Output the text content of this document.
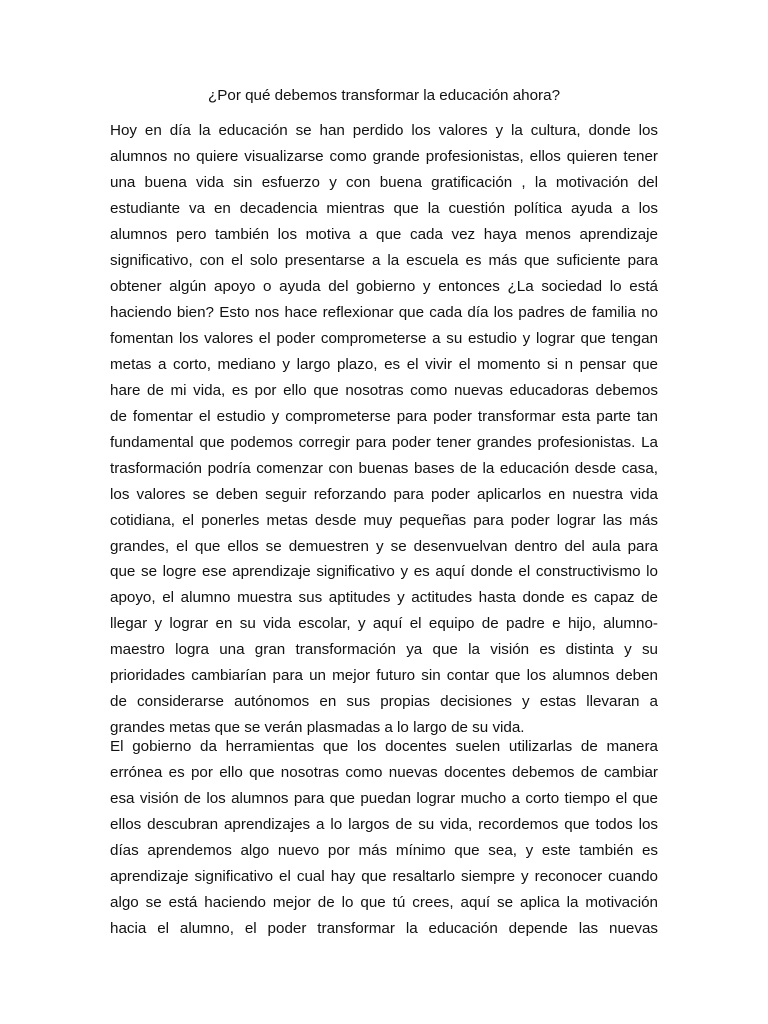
¿Por qué debemos transformar la educación ahora?

Hoy en día la educación se han perdido los valores y la cultura, donde los
alumnos no quiere visualizarse como grande profesionistas, ellos quieren tener
una buena vida sin esfuerzo y con buena gratificación , la motivación del
estudiante va en decadencia mientras que la cuestión política ayuda a los
alumnos pero también los motiva a que cada vez haya menos aprendizaje
significativo, con el solo presentarse a la escuela es más que suficiente para
obtener algún apoyo o ayuda del gobierno y entonces ¿La sociedad lo está
haciendo bien? Esto nos hace reflexionar que cada día los padres de familia no
fomentan los valores el poder comprometerse a su estudio y lograr que tengan
metas a corto, mediano y largo plazo, es el vivir el momento si n pensar que
hare de mi vida, es por ello que nosotras como nuevas educadoras debemos
de fomentar el estudio y comprometerse para poder transformar esta parte tan
fundamental que podemos corregir para poder tener grandes profesionistas. La
trasformación podría comenzar con buenas bases de la educación desde casa,
los valores se deben seguir reforzando para poder aplicarlos en nuestra vida
cotidiana, el ponerles metas desde muy pequeñas para poder lograr las más
grandes, el que ellos se demuestren y se desenvuelvan dentro del aula para
que se logre ese aprendizaje significativo y es aquí donde el constructivismo lo
apoyo, el alumno muestra sus aptitudes y actitudes hasta donde es capaz de
llegar y lograr en su vida escolar, y aquí el equipo de padre e hijo, alumno-
maestro logra una gran transformación ya que la visión es distinta y su
prioridades cambiarían para un mejor futuro sin contar que los alumnos deben
de considerarse autónomos en sus propias decisiones y estas llevaran a
grandes metas que se verán plasmadas a lo largo de su vida.

El gobierno da herramientas que los docentes suelen utilizarlas de manera
errónea es por ello que nosotras como nuevas docentes debemos de cambiar
esa visión de los alumnos para que puedan lograr mucho a corto tiempo el que
ellos descubran aprendizajes a lo largos de su vida, recordemos que todos los
días aprendemos algo nuevo por más mínimo que sea, y este también es
aprendizaje significativo el cual hay que resaltarlo siempre y reconocer cuando
algo se está haciendo mejor de lo que tú crees, aquí se aplica la motivación
hacia el alumno, el poder transformar la educación depende las nuevas
